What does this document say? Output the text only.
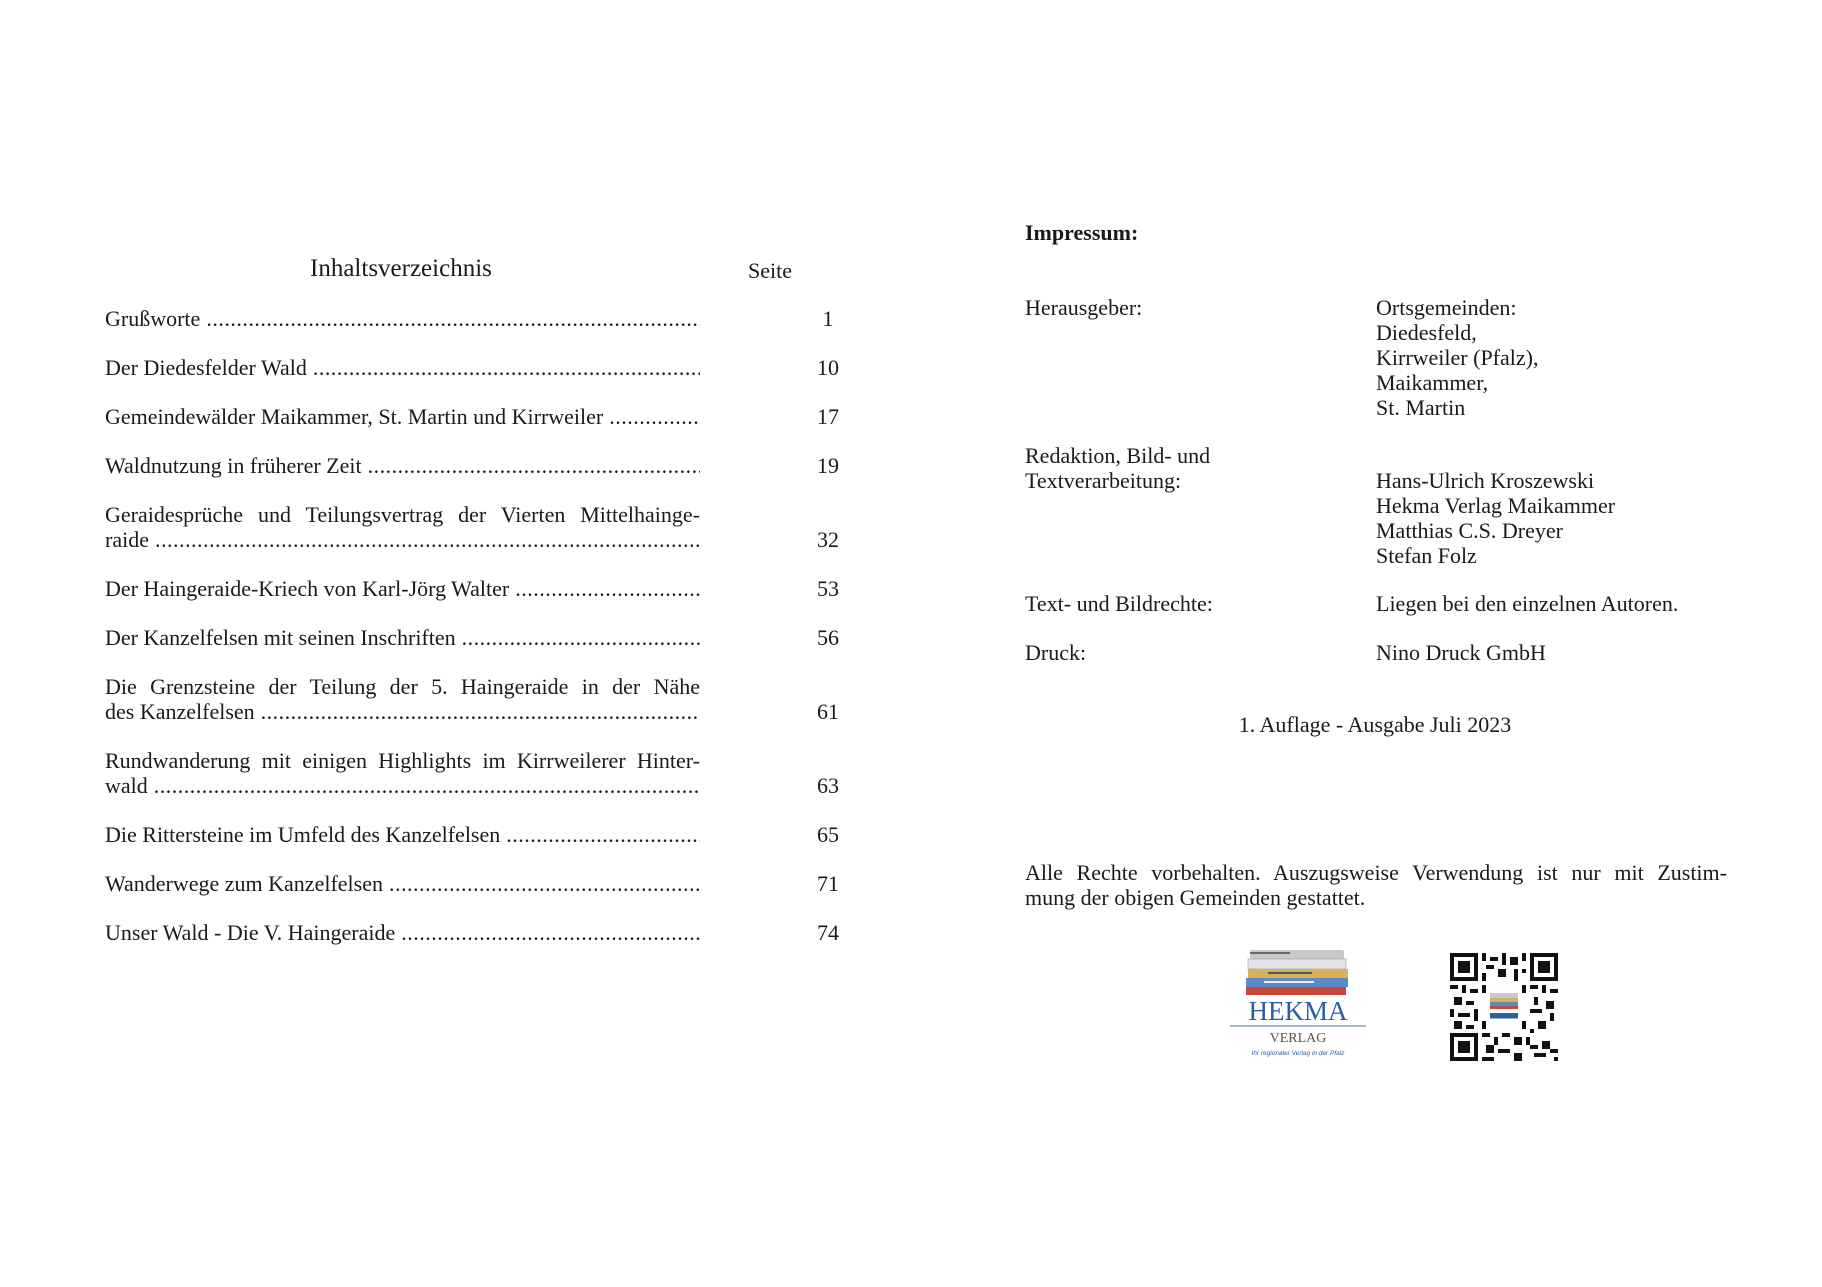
Inhaltsverzeichnis	Seite
Grußworte .....	1
Der Diedesfelder Wald .....	10
Gemeindewälder Maikammer, St. Martin und Kirrweiler .....	17
Waldnutzung in früherer Zeit .....	19
Geraidesprüche und Teilungsvertrag der Vierten Mittelhainge-
raide .....	32
Der Haingeraide-Kriech von Karl-Jörg Walter .....	53
Der Kanzelfelsen mit seinen Inschriften .....	56
Die Grenzsteine der Teilung der 5. Haingeraide in der Nähe
des Kanzelfelsen .....	61
Rundwanderung mit einigen Highlights im Kirrweilerer Hinter-
wald .....	63
Die Rittersteine im Umfeld des Kanzelfelsen .....	65
Wanderwege zum Kanzelfelsen .....	71
Unser Wald - Die V. Haingeraide .....	74
Impressum:
Herausgeber:	Ortsgemeinden:
Diedesfeld,
Kirrweiler (Pfalz),
Maikammer,
St. Martin
Redaktion, Bild- und
Textverarbeitung:	Hans-Ulrich Kroszewski
Hekma Verlag Maikammer
Matthias C.S. Dreyer
Stefan Folz
Text- und Bildrechte:	Liegen bei den einzelnen Autoren.
Druck:	Nino Druck GmbH
1. Auflage - Ausgabe Juli 2023
Alle Rechte vorbehalten. Auszugsweise Verwendung ist nur mit Zustim-
mung der obigen Gemeinden gestattet.
HEKMA
VERLAG
Ihr regionaler Verlag in der Pfalz
